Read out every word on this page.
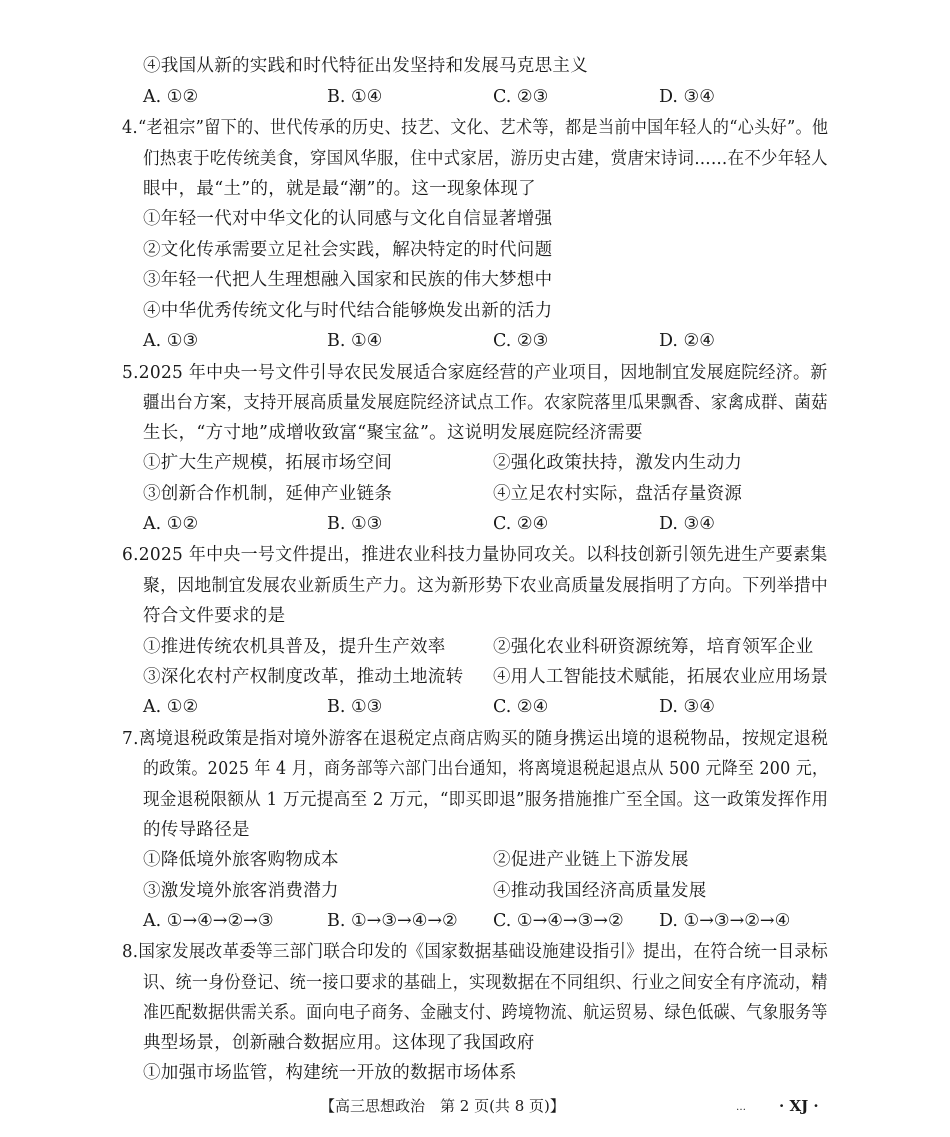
④我国从新的实践和时代特征出发坚持和发展马克思主义
A. ①②	B. ①④	C. ②③	D. ③④
4.“老祖宗”留下的、世代传承的历史、技艺、文化、艺术等，都是当前中国年轻人的“心头好”。他
们热衷于吃传统美食，穿国风华服，住中式家居，游历史古建，赏唐宋诗词……在不少年轻人
眼中，最“土”的，就是最“潮”的。这一现象体现了
①年轻一代对中华文化的认同感与文化自信显著增强
②文化传承需要立足社会实践，解决特定的时代问题
③年轻一代把人生理想融入国家和民族的伟大梦想中
④中华优秀传统文化与时代结合能够焕发出新的活力
A. ①③	B. ①④	C. ②③	D. ②④
5.2025 年中央一号文件引导农民发展适合家庭经营的产业项目，因地制宜发展庭院经济。新
疆出台方案，支持开展高质量发展庭院经济试点工作。农家院落里瓜果飘香、家禽成群、菌菇
生长，“方寸地”成增收致富“聚宝盆”。这说明发展庭院经济需要
①扩大生产规模，拓展市场空间	②强化政策扶持，激发内生动力
③创新合作机制，延伸产业链条	④立足农村实际，盘活存量资源
A. ①②	B. ①③	C. ②④	D. ③④
6.2025 年中央一号文件提出，推进农业科技力量协同攻关。以科技创新引领先进生产要素集
聚，因地制宜发展农业新质生产力。这为新形势下农业高质量发展指明了方向。下列举措中
符合文件要求的是
①推进传统农机具普及，提升生产效率	②强化农业科研资源统筹，培育领军企业
③深化农村产权制度改革，推动土地流转 ④用人工智能技术赋能，拓展农业应用场景
A. ①②	B. ①③	C. ②④	D. ③④
7.离境退税政策是指对境外游客在退税定点商店购买的随身携运出境的退税物品，按规定退税
的政策。2025 年 4 月，商务部等六部门出台通知，将离境退税起退点从 500 元降至 200 元，
现金退税限额从 1 万元提高至 2 万元，“即买即退”服务措施推广至全国。这一政策发挥作用
的传导路径是
①降低境外旅客购物成本	②促进产业链上下游发展
③激发境外旅客消费潜力	④推动我国经济高质量发展
A. ①→④→②→③	B. ①→③→④→② C. ①→④→③→② D. ①→③→②→④
8.国家发展改革委等三部门联合印发的《国家数据基础设施建设指引》提出，在符合统一目录标
识、统一身份登记、统一接口要求的基础上，实现数据在不同组织、行业之间安全有序流动，精
准匹配数据供需关系。面向电子商务、金融支付、跨境物流、航运贸易、绿色低碳、气象服务等
典型场景，创新融合数据应用。这体现了我国政府
①加强市场监管，构建统一开放的数据市场体系
【高三思想政治　第 2 页(共 8 页)】	… · XJ ·
